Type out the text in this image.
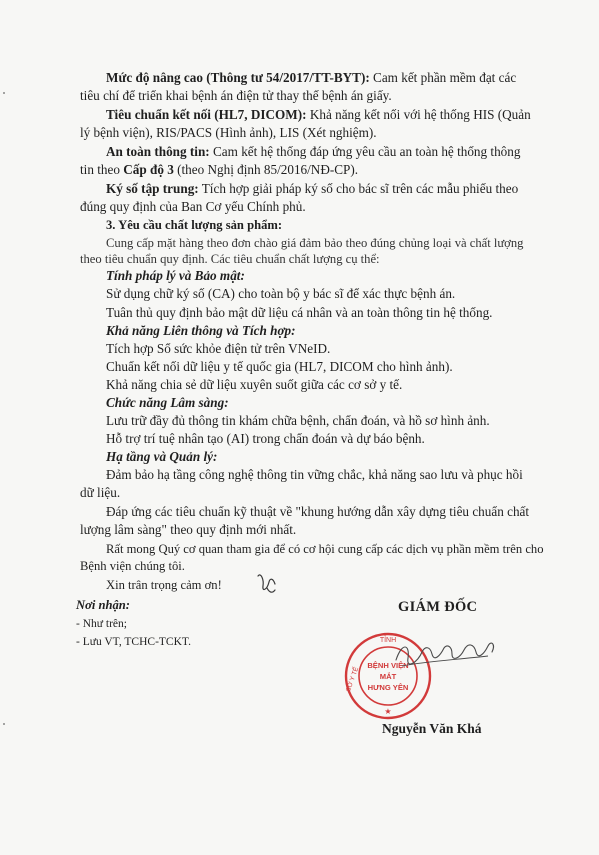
Mức độ nâng cao (Thông tư 54/2017/TT-BYT): Cam kết phần mềm đạt các
tiêu chí để triển khai bệnh án điện tử thay thế bệnh án giấy.
Tiêu chuẩn kết nối (HL7, DICOM): Khả năng kết nối với hệ thống HIS (Quản
lý bệnh viện), RIS/PACS (Hình ảnh), LIS (Xét nghiệm).
An toàn thông tin: Cam kết hệ thống đáp ứng yêu cầu an toàn hệ thống thông
tin theo Cấp độ 3 (theo Nghị định 85/2016/NĐ-CP).
Ký số tập trung: Tích hợp giải pháp ký số cho bác sĩ trên các mẫu phiếu theo
đúng quy định của Ban Cơ yếu Chính phủ.
3. Yêu cầu chất lượng sản phẩm:
Cung cấp mặt hàng theo đơn chào giá đảm bảo theo đúng chủng loại và chất lượng
theo tiêu chuẩn quy định. Các tiêu chuẩn chất lượng cụ thể:
Tính pháp lý và Bảo mật:
Sử dụng chữ ký số (CA) cho toàn bộ y bác sĩ để xác thực bệnh án.
Tuân thủ quy định bảo mật dữ liệu cá nhân và an toàn thông tin hệ thống.
Khả năng Liên thông và Tích hợp:
Tích hợp Sổ sức khỏe điện tử trên VNeID.
Chuẩn kết nối dữ liệu y tế quốc gia (HL7, DICOM cho hình ảnh).
Khả năng chia sẻ dữ liệu xuyên suốt giữa các cơ sở y tế.
Chức năng Lâm sàng:
Lưu trữ đầy đủ thông tin khám chữa bệnh, chẩn đoán, và hồ sơ hình ảnh.
Hỗ trợ trí tuệ nhân tạo (AI) trong chẩn đoán và dự báo bệnh.
Hạ tầng và Quản lý:
Đảm bảo hạ tầng công nghệ thông tin vững chắc, khả năng sao lưu và phục hồi
dữ liệu.
Đáp ứng các tiêu chuẩn kỹ thuật về "khung hướng dẫn xây dựng tiêu chuẩn chất
lượng lâm sàng" theo quy định mới nhất.
Rất mong Quý cơ quan tham gia để có cơ hội cung cấp các dịch vụ phần mềm trên cho
Bệnh viện chúng tôi.
Xin trân trọng cảm ơn!
Nơi nhận:
- Như trên;
- Lưu VT, TCHC-TCKT.
GIÁM ĐỐC
TỈNH
SỞ Y TẾ
BỆNH VIỆN
MẮT
HƯNG YÊN
★
Nguyễn Văn Khá
